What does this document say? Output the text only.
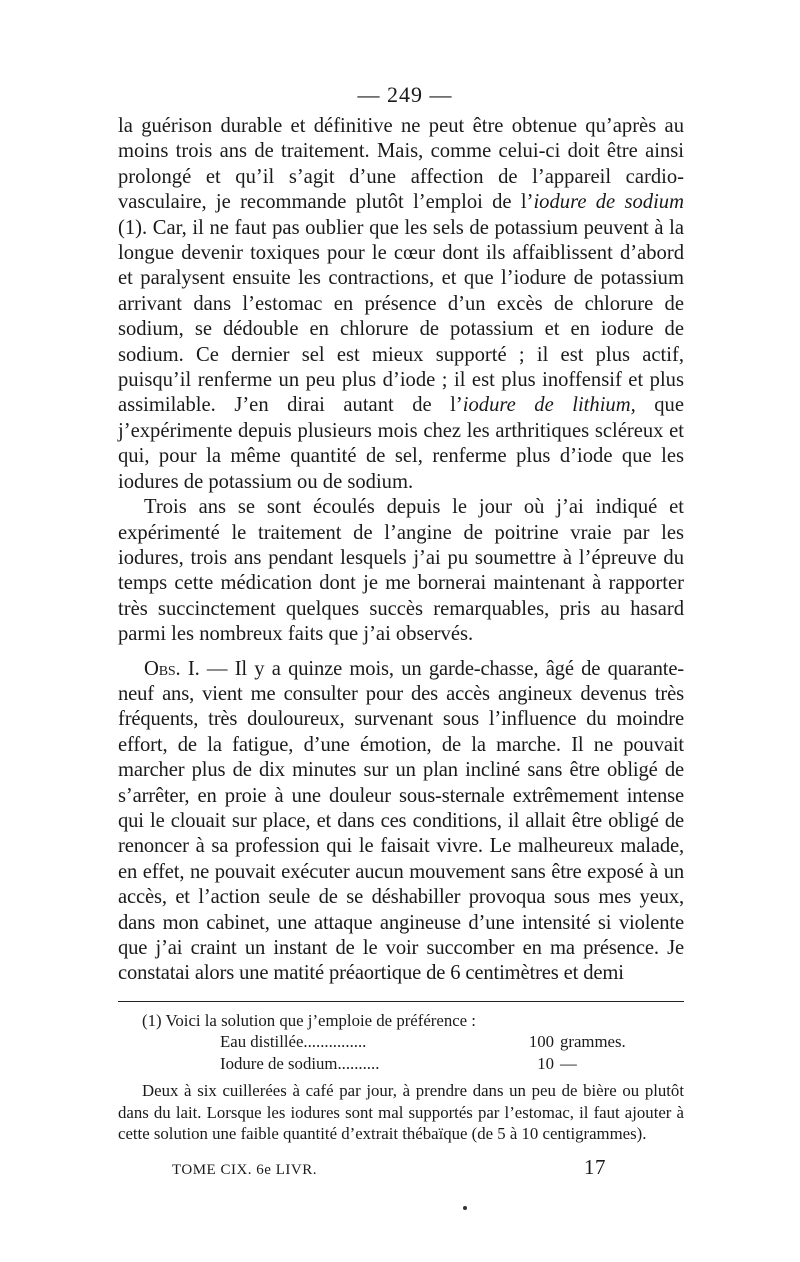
— 249 —

la guérison durable et définitive ne peut être obtenue qu’après au moins trois ans de traitement. Mais, comme celui-ci doit être ainsi prolongé et qu’il s’agit d’une affection de l’appareil cardio-vasculaire, je recommande plutôt l’emploi de l’iodure de sodium (1). Car, il ne faut pas oublier que les sels de potassium peuvent à la longue devenir toxiques pour le cœur dont ils affaiblissent d’abord et paralysent ensuite les contractions, et que l’iodure de potassium arrivant dans l’estomac en présence d’un excès de chlorure de sodium, se dédouble en chlorure de potassium et en iodure de sodium. Ce dernier sel est mieux supporté ; il est plus actif, puisqu’il renferme un peu plus d’iode ; il est plus inoffensif et plus assimilable. J’en dirai autant de l’iodure de lithium, que j’expérimente depuis plusieurs mois chez les arthritiques scléreux et qui, pour la même quantité de sel, renferme plus d’iode que les iodures de potassium ou de sodium.

Trois ans se sont écoulés depuis le jour où j’ai indiqué et expérimenté le traitement de l’angine de poitrine vraie par les iodures, trois ans pendant lesquels j’ai pu soumettre à l’épreuve du temps cette médication dont je me bornerai maintenant à rapporter très succinctement quelques succès remarquables, pris au hasard parmi les nombreux faits que j’ai observés.

Obs. I. — Il y a quinze mois, un garde-chasse, âgé de quarante-neuf ans, vient me consulter pour des accès angineux devenus très fréquents, très douloureux, survenant sous l’influence du moindre effort, de la fatigue, d’une émotion, de la marche. Il ne pouvait marcher plus de dix minutes sur un plan incliné sans être obligé de s’arrêter, en proie à une douleur sous-sternale extrêmement intense qui le clouait sur place, et dans ces conditions, il allait être obligé de renoncer à sa profession qui le faisait vivre. Le malheureux malade, en effet, ne pouvait exécuter aucun mouvement sans être exposé à un accès, et l’action seule de se déshabiller provoqua sous mes yeux, dans mon cabinet, une attaque angineuse d’une intensité si violente que j’ai craint un instant de le voir succomber en ma présence. Je constatai alors une matité préaortique de 6 centimètres et demi

(1) Voici la solution que j’emploie de préférence :
Eau distillée...............	100 grammes.
Iodure de sodium..........	10 —

Deux à six cuillerées à café par jour, à prendre dans un peu de bière ou plutôt dans du lait. Lorsque les iodures sont mal supportés par l’estomac, il faut ajouter à cette solution une faible quantité d’extrait thébaïque (de 5 à 10 centigrammes).

TOME CIX. 6e LIVR.	17
